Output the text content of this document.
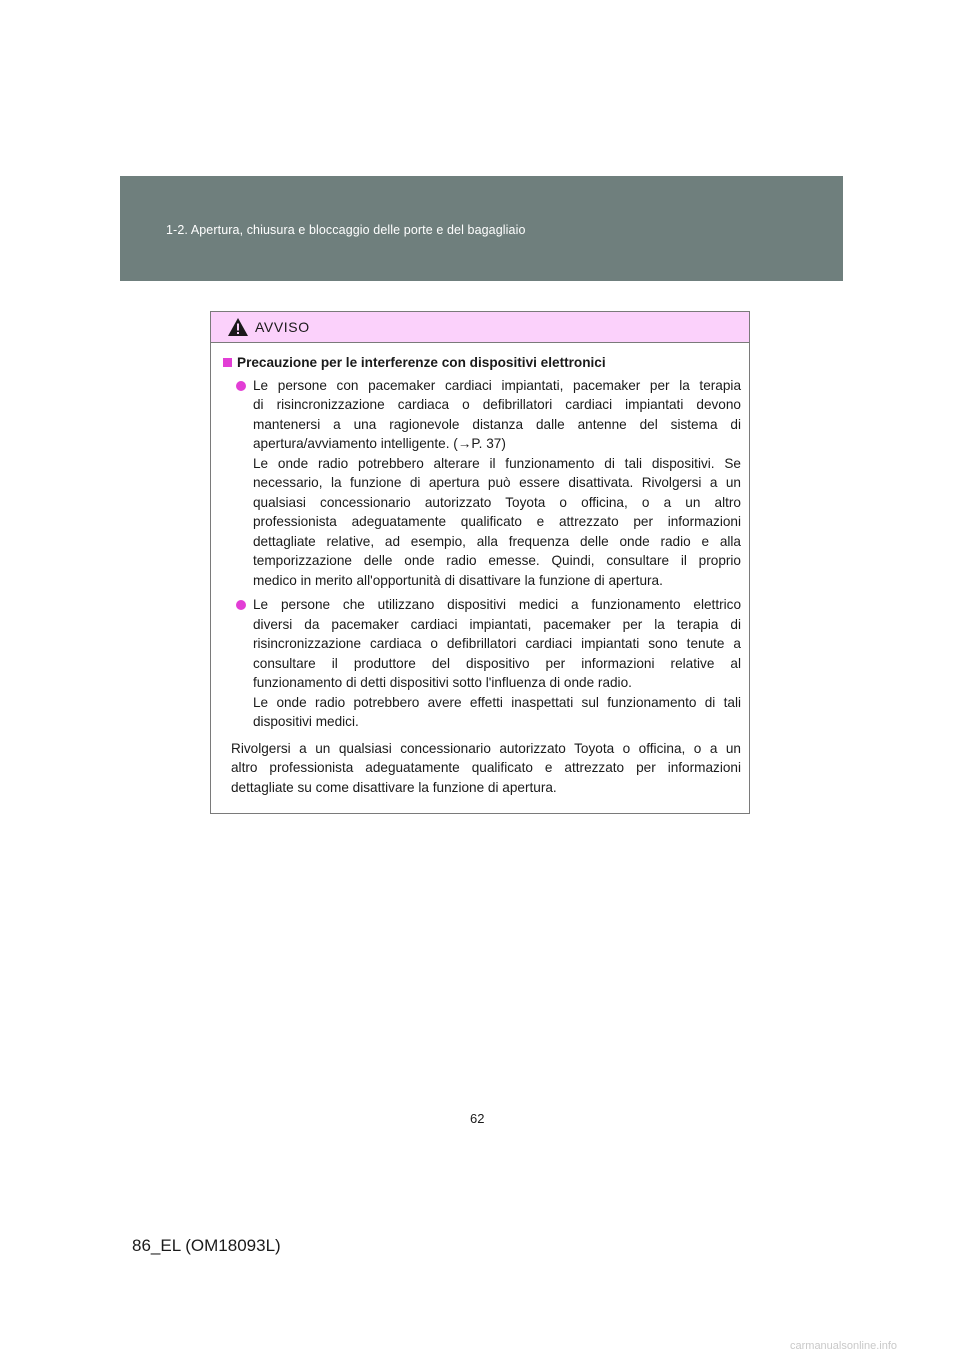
1-2. Apertura, chiusura e bloccaggio delle porte e del bagagliaio
AVVISO
Precauzione per le interferenze con dispositivi elettronici
Le persone con pacemaker cardiaci impiantati, pacemaker per la terapia
di risincronizzazione cardiaca o defibrillatori cardiaci impiantati devono
mantenersi a una ragionevole distanza dalle antenne del sistema di
apertura/avviamento intelligente. (→P. 37)
Le onde radio potrebbero alterare il funzionamento di tali dispositivi. Se
necessario, la funzione di apertura può essere disattivata. Rivolgersi a un
qualsiasi concessionario autorizzato Toyota o officina, o a un altro
professionista adeguatamente qualificato e attrezzato per informazioni
dettagliate relative, ad esempio, alla frequenza delle onde radio e alla
temporizzazione delle onde radio emesse. Quindi, consultare il proprio
medico in merito all'opportunità di disattivare la funzione di apertura.
Le persone che utilizzano dispositivi medici a funzionamento elettrico
diversi da pacemaker cardiaci impiantati, pacemaker per la terapia di
risincronizzazione cardiaca o defibrillatori cardiaci impiantati sono tenute a
consultare il produttore del dispositivo per informazioni relative al
funzionamento di detti dispositivi sotto l'influenza di onde radio.
Le onde radio potrebbero avere effetti inaspettati sul funzionamento di tali
dispositivi medici.
Rivolgersi a un qualsiasi concessionario autorizzato Toyota o officina, o a un
altro professionista adeguatamente qualificato e attrezzato per informazioni
dettagliate su come disattivare la funzione di apertura.
62
86_EL (OM18093L)
carmanualsonline.info
